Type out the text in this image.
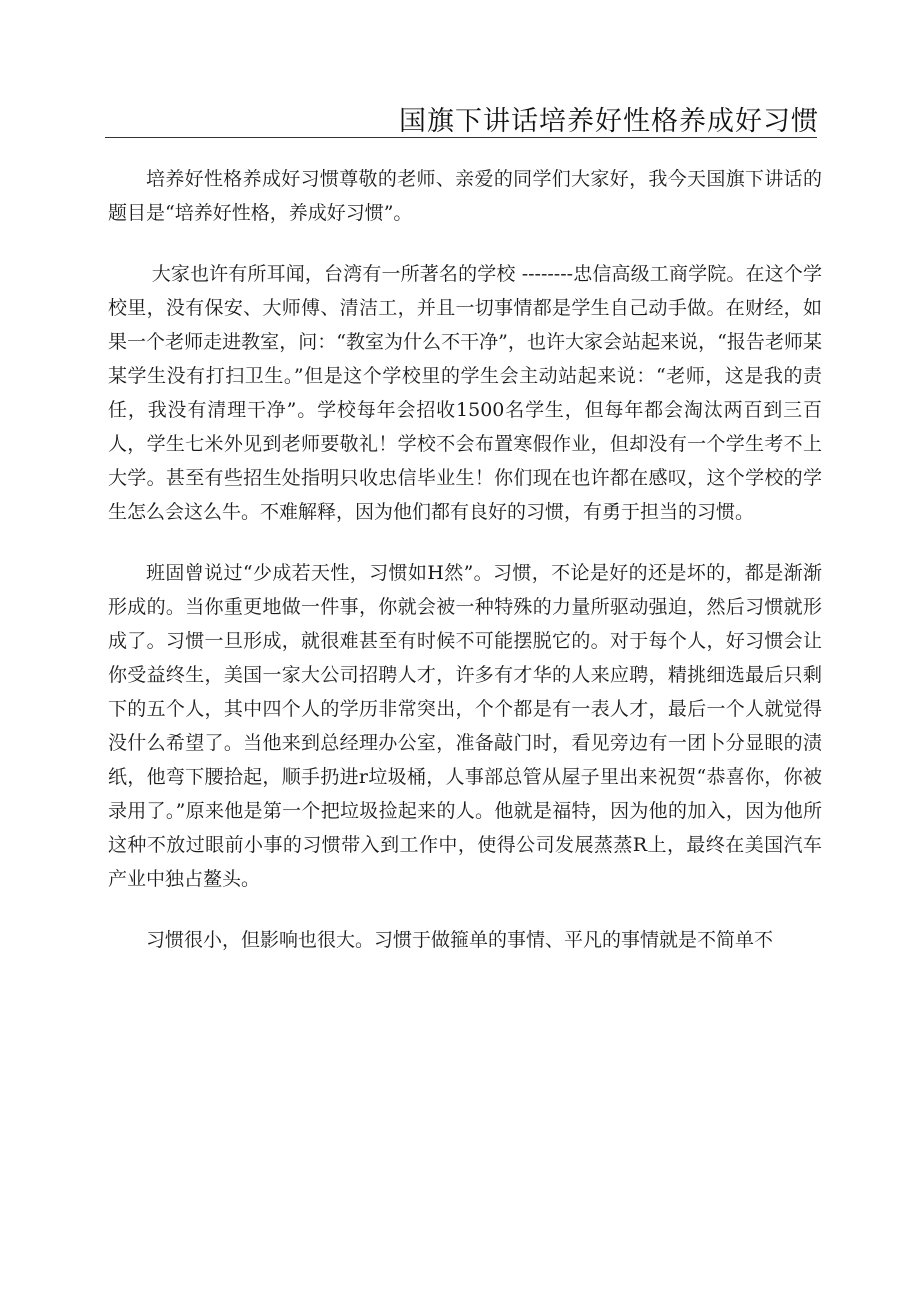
国旗下讲话培养好性格养成好习惯

培养好性格养成好习惯尊敬的老师、亲爱的同学们大家好，我今天国旗下讲话的题目是“培养好性格，养成好习惯”。

大家也许有所耳闻，台湾有一所著名的学校 --------忠信高级工商学院。在这个学校里，没有保安、大师傅、清洁工，并且一切事情都是学生自己动手做。在财经，如果一个老师走进教室，问：“教室为什么不干净”，也许大家会站起来说，“报告老师某某学生没有打扫卫生。”但是这个学校里的学生会主动站起来说：“老师，这是我的责任，我没有清理干净”。学校每年会招收1500名学生，但每年都会淘汰两百到三百人，学生七米外见到老师要敬礼！学校不会布置寒假作业，但却没有一个学生考不上大学。甚至有些招生处指明只收忠信毕业生！你们现在也许都在感叹，这个学校的学生怎么会这么牛。不难解释，因为他们都有良好的习惯，有勇于担当的习惯。

班固曾说过“少成若天性，习惯如H然”。习惯，不论是好的还是坏的，都是渐渐形成的。当你重更地做一件事，你就会被一种特殊的力量所驱动强迫，然后习惯就形成了。习惯一旦形成，就很难甚至有时候不可能摆脱它的。对于每个人，好习惯会让你受益终生，美国一家大公司招聘人才，许多有才华的人来应聘，精挑细选最后只剩下的五个人，其中四个人的学历非常突出，个个都是有一表人才，最后一个人就觉得没什么希望了。当他来到总经理办公室，准备敲门时，看见旁边有一团卜分显眼的渍纸，他弯下腰拾起，顺手扔进r垃圾桶，人事部总管从屋子里出来祝贺“恭喜你，你被录用了。”原来他是第一个把垃圾捡起来的人。他就是福特，因为他的加入，因为他所这种不放过眼前小事的习惯带入到工作中，使得公司发展蒸蒸R上，最终在美国汽车产业中独占鳌头。

习惯很小，但影响也很大。习惯于做箍单的事情、平凡的事情就是不简单不
